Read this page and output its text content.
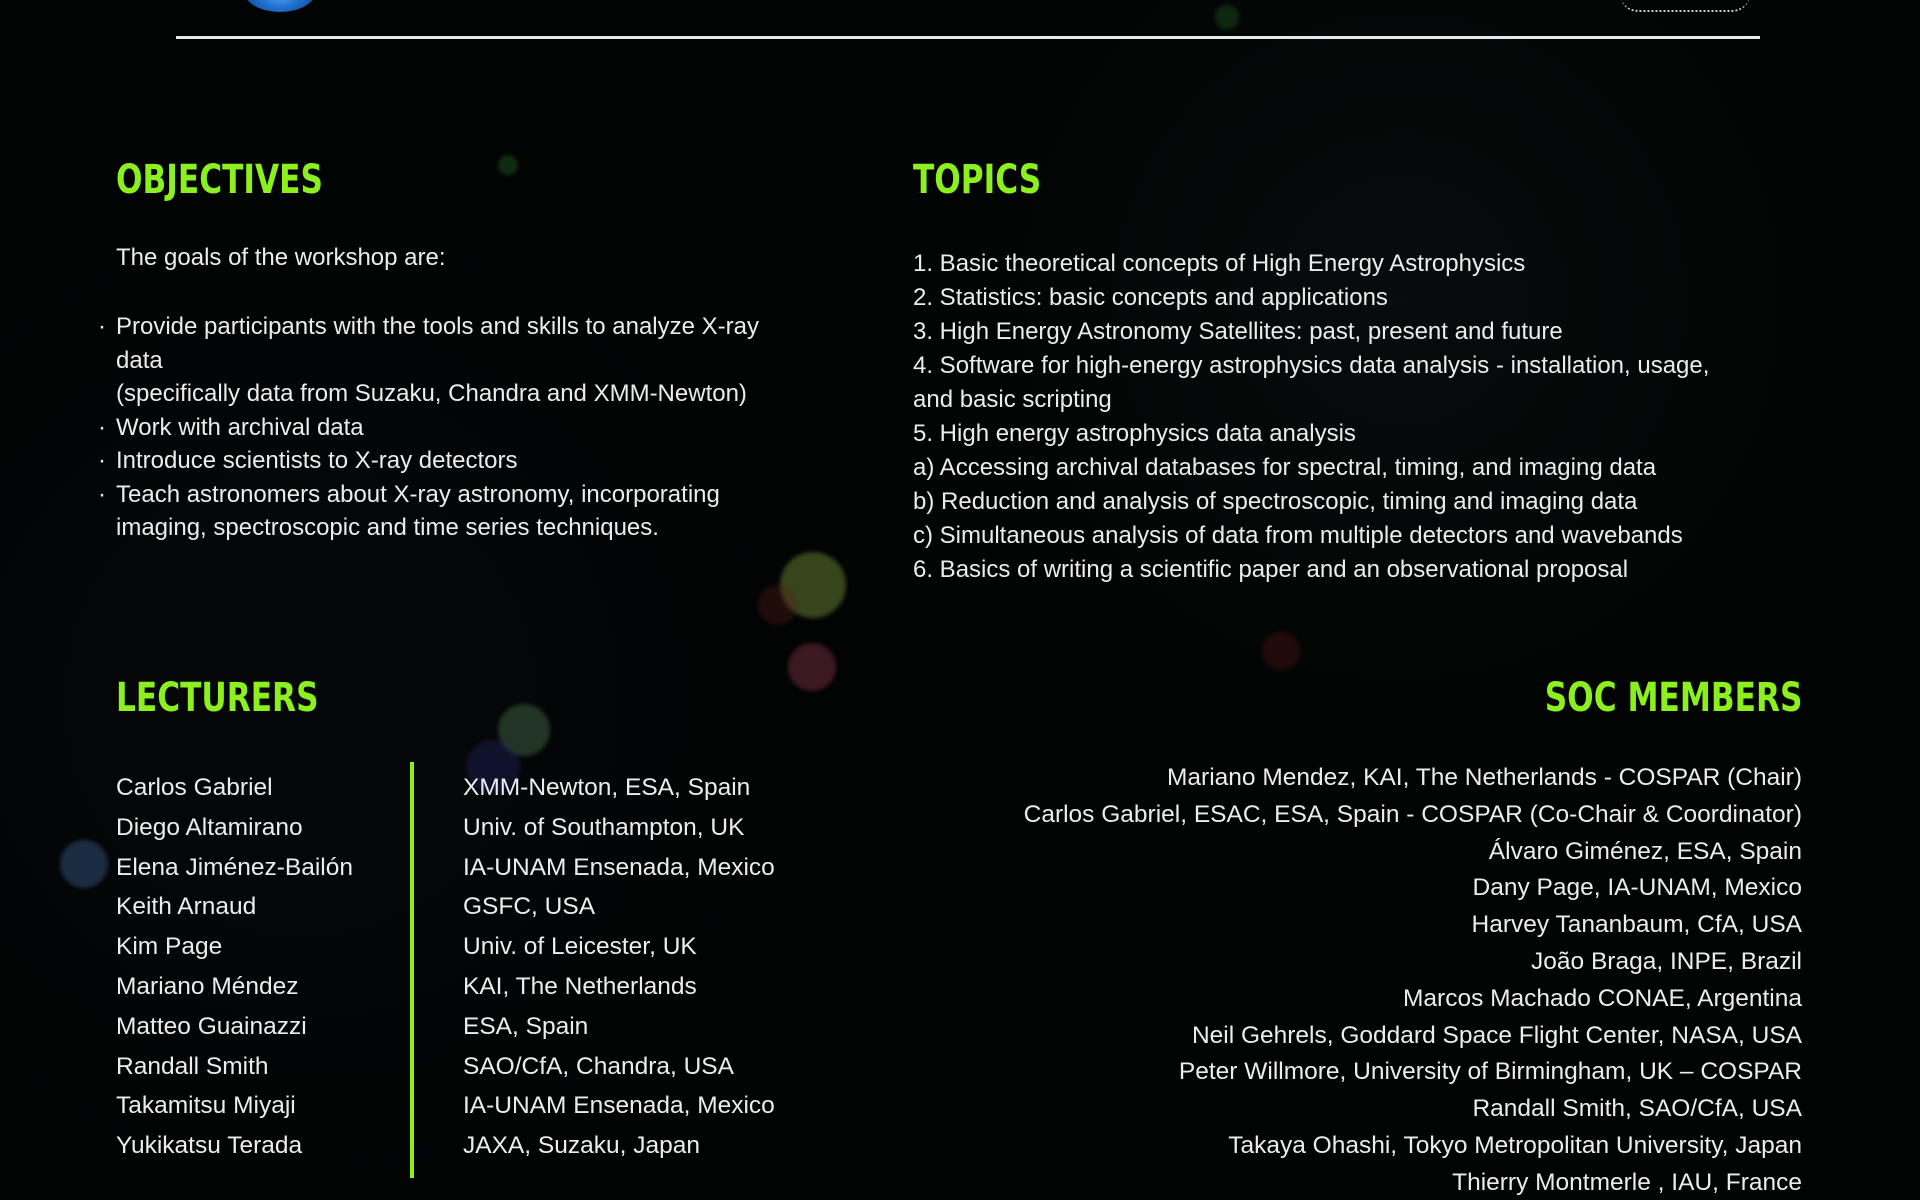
OBJECTIVES
The goals of the workshop are:
· Provide participants with the tools and skills to analyze X-ray
data
(specifically data from Suzaku, Chandra and XMM-Newton)
· Work with archival data
· Introduce scientists to X-ray detectors
· Teach astronomers about X-ray astronomy, incorporating
imaging, spectroscopic and time series techniques.
TOPICS
1. Basic theoretical concepts of High Energy Astrophysics
2. Statistics: basic concepts and applications
3. High Energy Astronomy Satellites: past, present and future
4. Software for high-energy astrophysics data analysis - installation, usage,
and basic scripting
5. High energy astrophysics data analysis
a) Accessing archival databases for spectral, timing, and imaging data
b) Reduction and analysis of spectroscopic, timing and imaging data
c) Simultaneous analysis of data from multiple detectors and wavebands
6. Basics of writing a scientific paper and an observational proposal
LECTURERS
Carlos Gabriel
Diego Altamirano
Elena Jiménez-Bailón
Keith Arnaud
Kim Page
Mariano Méndez
Matteo Guainazzi
Randall Smith
Takamitsu Miyaji
Yukikatsu Terada
XMM-Newton, ESA, Spain
Univ. of Southampton, UK
IA-UNAM Ensenada, Mexico
GSFC, USA
Univ. of Leicester, UK
KAI, The Netherlands
ESA, Spain
SAO/CfA, Chandra, USA
IA-UNAM Ensenada, Mexico
JAXA, Suzaku, Japan
SOC MEMBERS
Mariano Mendez, KAI, The Netherlands - COSPAR (Chair)
Carlos Gabriel, ESAC, ESA, Spain - COSPAR (Co-Chair & Coordinator)
Álvaro Giménez, ESA, Spain
Dany Page, IA-UNAM, Mexico
Harvey Tananbaum, CfA, USA
João Braga, INPE, Brazil
Marcos Machado CONAE, Argentina
Neil Gehrels, Goddard Space Flight Center, NASA, USA
Peter Willmore, University of Birmingham, UK – COSPAR
Randall Smith, SAO/CfA, USA
Takaya Ohashi, Tokyo Metropolitan University, Japan
Thierry Montmerle , IAU, France
